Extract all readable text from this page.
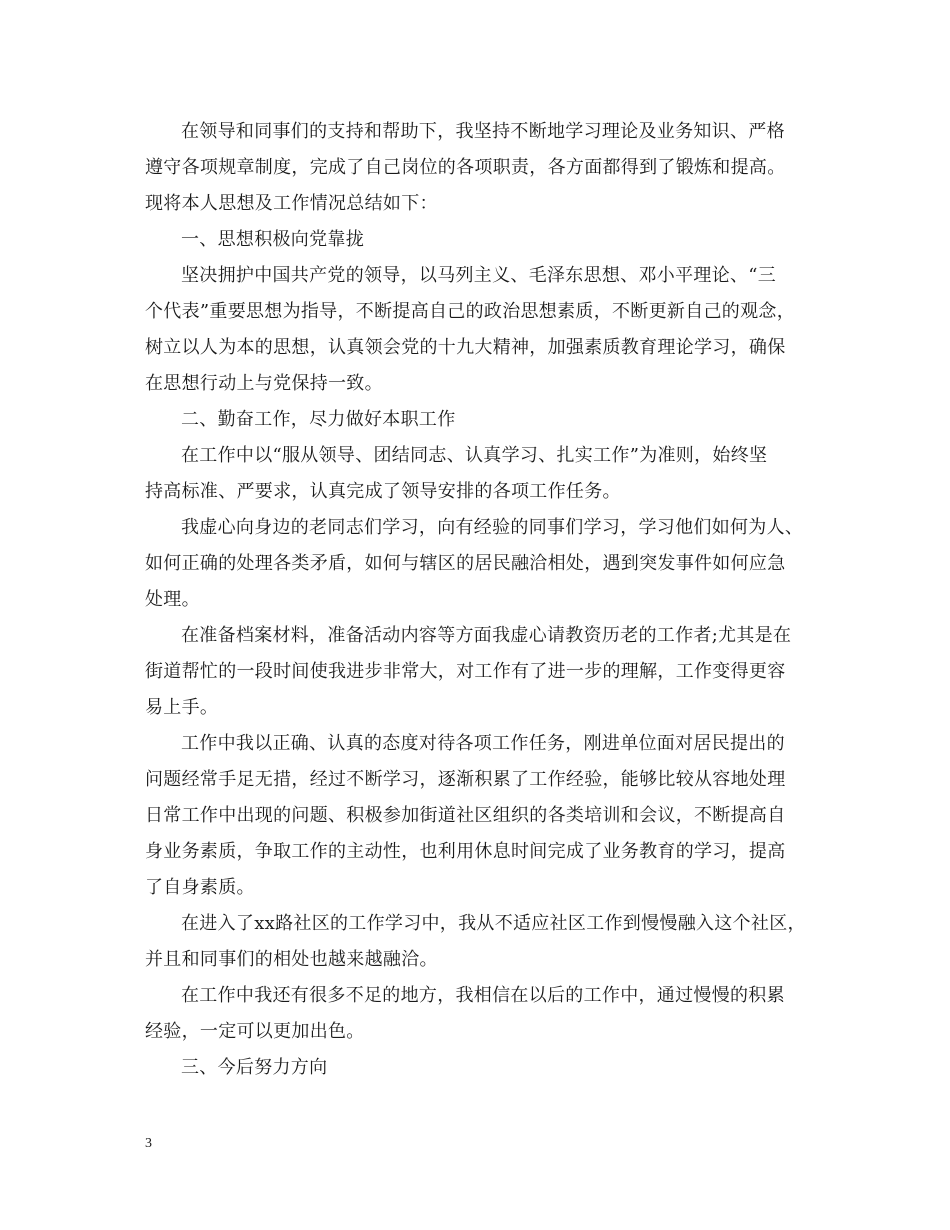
在领导和同事们的支持和帮助下，我坚持不断地学习理论及业务知识、严格
遵守各项规章制度，完成了自己岗位的各项职责，各方面都得到了锻炼和提高。
现将本人思想及工作情况总结如下：
一、思想积极向党靠拢
坚决拥护中国共产党的领导，以马列主义、毛泽东思想、邓小平理论、“三
个代表”重要思想为指导，不断提高自己的政治思想素质，不断更新自己的观念，
树立以人为本的思想，认真领会党的十九大精神，加强素质教育理论学习，确保
在思想行动上与党保持一致。
二、勤奋工作，尽力做好本职工作
在工作中以“服从领导、团结同志、认真学习、扎实工作”为准则，始终坚
持高标准、严要求，认真完成了领导安排的各项工作任务。
我虚心向身边的老同志们学习，向有经验的同事们学习，学习他们如何为人、
如何正确的处理各类矛盾，如何与辖区的居民融洽相处，遇到突发事件如何应急
处理。
在准备档案材料，准备活动内容等方面我虚心请教资历老的工作者;尤其是在
街道帮忙的一段时间使我进步非常大，对工作有了进一步的理解，工作变得更容
易上手。
工作中我以正确、认真的态度对待各项工作任务，刚进单位面对居民提出的
问题经常手足无措，经过不断学习，逐渐积累了工作经验，能够比较从容地处理
日常工作中出现的问题、积极参加街道社区组织的各类培训和会议，不断提高自
身业务素质，争取工作的主动性，也利用休息时间完成了业务教育的学习，提高
了自身素质。
在进入了xx路社区的工作学习中，我从不适应社区工作到慢慢融入这个社区，
并且和同事们的相处也越来越融洽。
在工作中我还有很多不足的地方，我相信在以后的工作中，通过慢慢的积累
经验，一定可以更加出色。
三、今后努力方向
3
